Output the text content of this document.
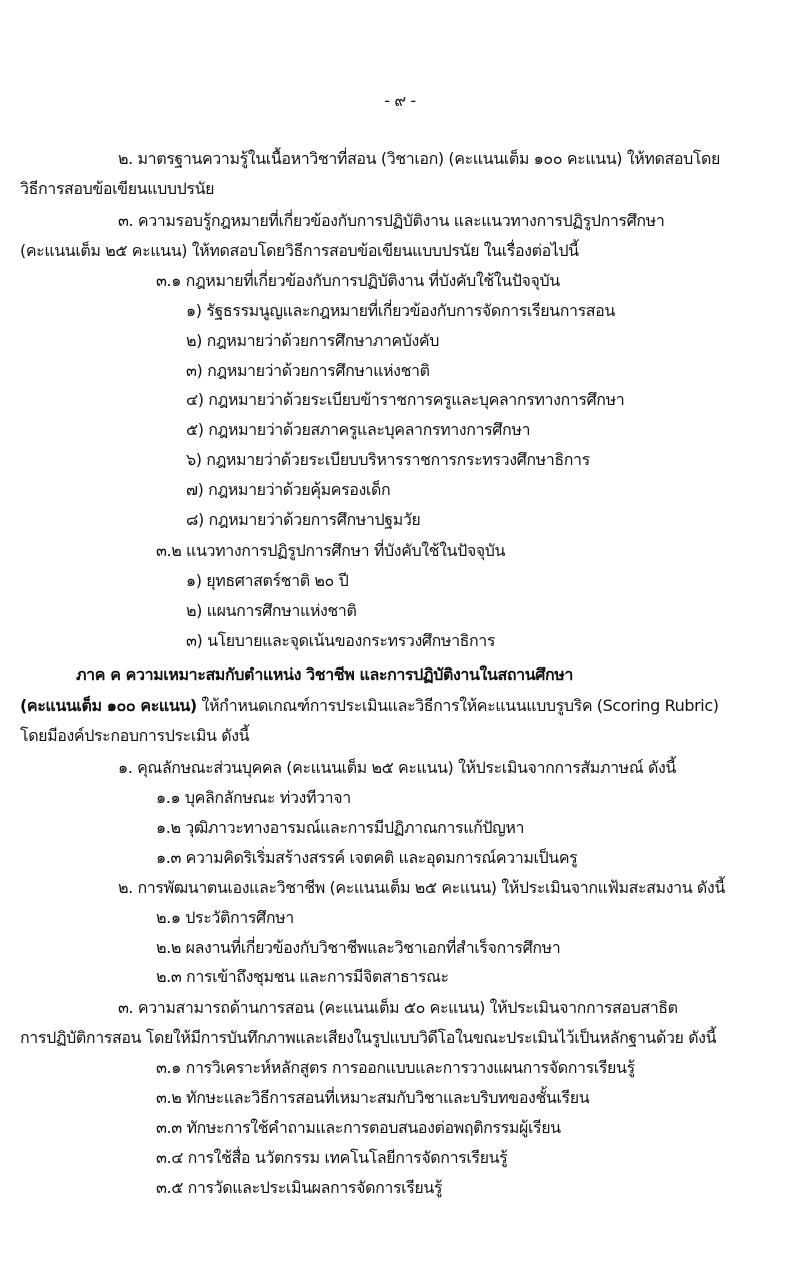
- ๙ -
๒. มาตรฐานความรู้ในเนื้อหาวิชาที่สอน (วิชาเอก) (คะแนนเต็ม ๑๐๐ คะแนน) ให้ทดสอบโดย
วิธีการสอบข้อเขียนแบบปรนัย
๓. ความรอบรู้กฎหมายที่เกี่ยวข้องกับการปฏิบัติงาน และแนวทางการปฏิรูปการศึกษา
(คะแนนเต็ม ๒๕ คะแนน) ให้ทดสอบโดยวิธีการสอบข้อเขียนแบบปรนัย ในเรื่องต่อไปนี้
๓.๑ กฎหมายที่เกี่ยวข้องกับการปฏิบัติงาน ที่บังคับใช้ในปัจจุบัน
๑) รัฐธรรมนูญและกฎหมายที่เกี่ยวข้องกับการจัดการเรียนการสอน
๒) กฎหมายว่าด้วยการศึกษาภาคบังคับ
๓) กฎหมายว่าด้วยการศึกษาแห่งชาติ
๔) กฎหมายว่าด้วยระเบียบข้าราชการครูและบุคลากรทางการศึกษา
๕) กฎหมายว่าด้วยสภาครูและบุคลากรทางการศึกษา
๖) กฎหมายว่าด้วยระเบียบบริหารราชการกระทรวงศึกษาธิการ
๗) กฎหมายว่าด้วยคุ้มครองเด็ก
๘) กฎหมายว่าด้วยการศึกษาปฐมวัย
๓.๒ แนวทางการปฏิรูปการศึกษา ที่บังคับใช้ในปัจจุบัน
๑) ยุทธศาสตร์ชาติ ๒๐ ปี
๒) แผนการศึกษาแห่งชาติ
๓) นโยบายและจุดเน้นของกระทรวงศึกษาธิการ
ภาค ค ความเหมาะสมกับตำแหน่ง วิชาชีพ และการปฏิบัติงานในสถานศึกษา
(คะแนนเต็ม ๑๐๐ คะแนน) ให้กำหนดเกณฑ์การประเมินและวิธีการให้คะแนนแบบรูบริค (Scoring Rubric)
โดยมีองค์ประกอบการประเมิน ดังนี้
๑. คุณลักษณะส่วนบุคคล (คะแนนเต็ม ๒๕ คะแนน) ให้ประเมินจากการสัมภาษณ์ ดังนี้
๑.๑ บุคลิกลักษณะ ท่วงทีวาจา
๑.๒ วุฒิภาวะทางอารมณ์และการมีปฏิภาณการแก้ปัญหา
๑.๓ ความคิดริเริ่มสร้างสรรค์ เจตคติ และอุดมการณ์ความเป็นครู
๒. การพัฒนาตนเองและวิชาชีพ (คะแนนเต็ม ๒๕ คะแนน) ให้ประเมินจากแฟ้มสะสมงาน ดังนี้
๒.๑ ประวัติการศึกษา
๒.๒ ผลงานที่เกี่ยวข้องกับวิชาชีพและวิชาเอกที่สำเร็จการศึกษา
๒.๓ การเข้าถึงชุมชน และการมีจิตสาธารณะ
๓. ความสามารถด้านการสอน (คะแนนเต็ม ๕๐ คะแนน) ให้ประเมินจากการสอบสาธิต
การปฏิบัติการสอน โดยให้มีการบันทึกภาพและเสียงในรูปแบบวิดีโอในขณะประเมินไว้เป็นหลักฐานด้วย ดังนี้
๓.๑ การวิเคราะห์หลักสูตร การออกแบบและการวางแผนการจัดการเรียนรู้
๓.๒ ทักษะและวิธีการสอนที่เหมาะสมกับวิชาและบริบทของชั้นเรียน
๓.๓ ทักษะการใช้คำถามและการตอบสนองต่อพฤติกรรมผู้เรียน
๓.๔ การใช้สื่อ นวัตกรรม เทคโนโลยีการจัดการเรียนรู้
๓.๕ การวัดและประเมินผลการจัดการเรียนรู้
